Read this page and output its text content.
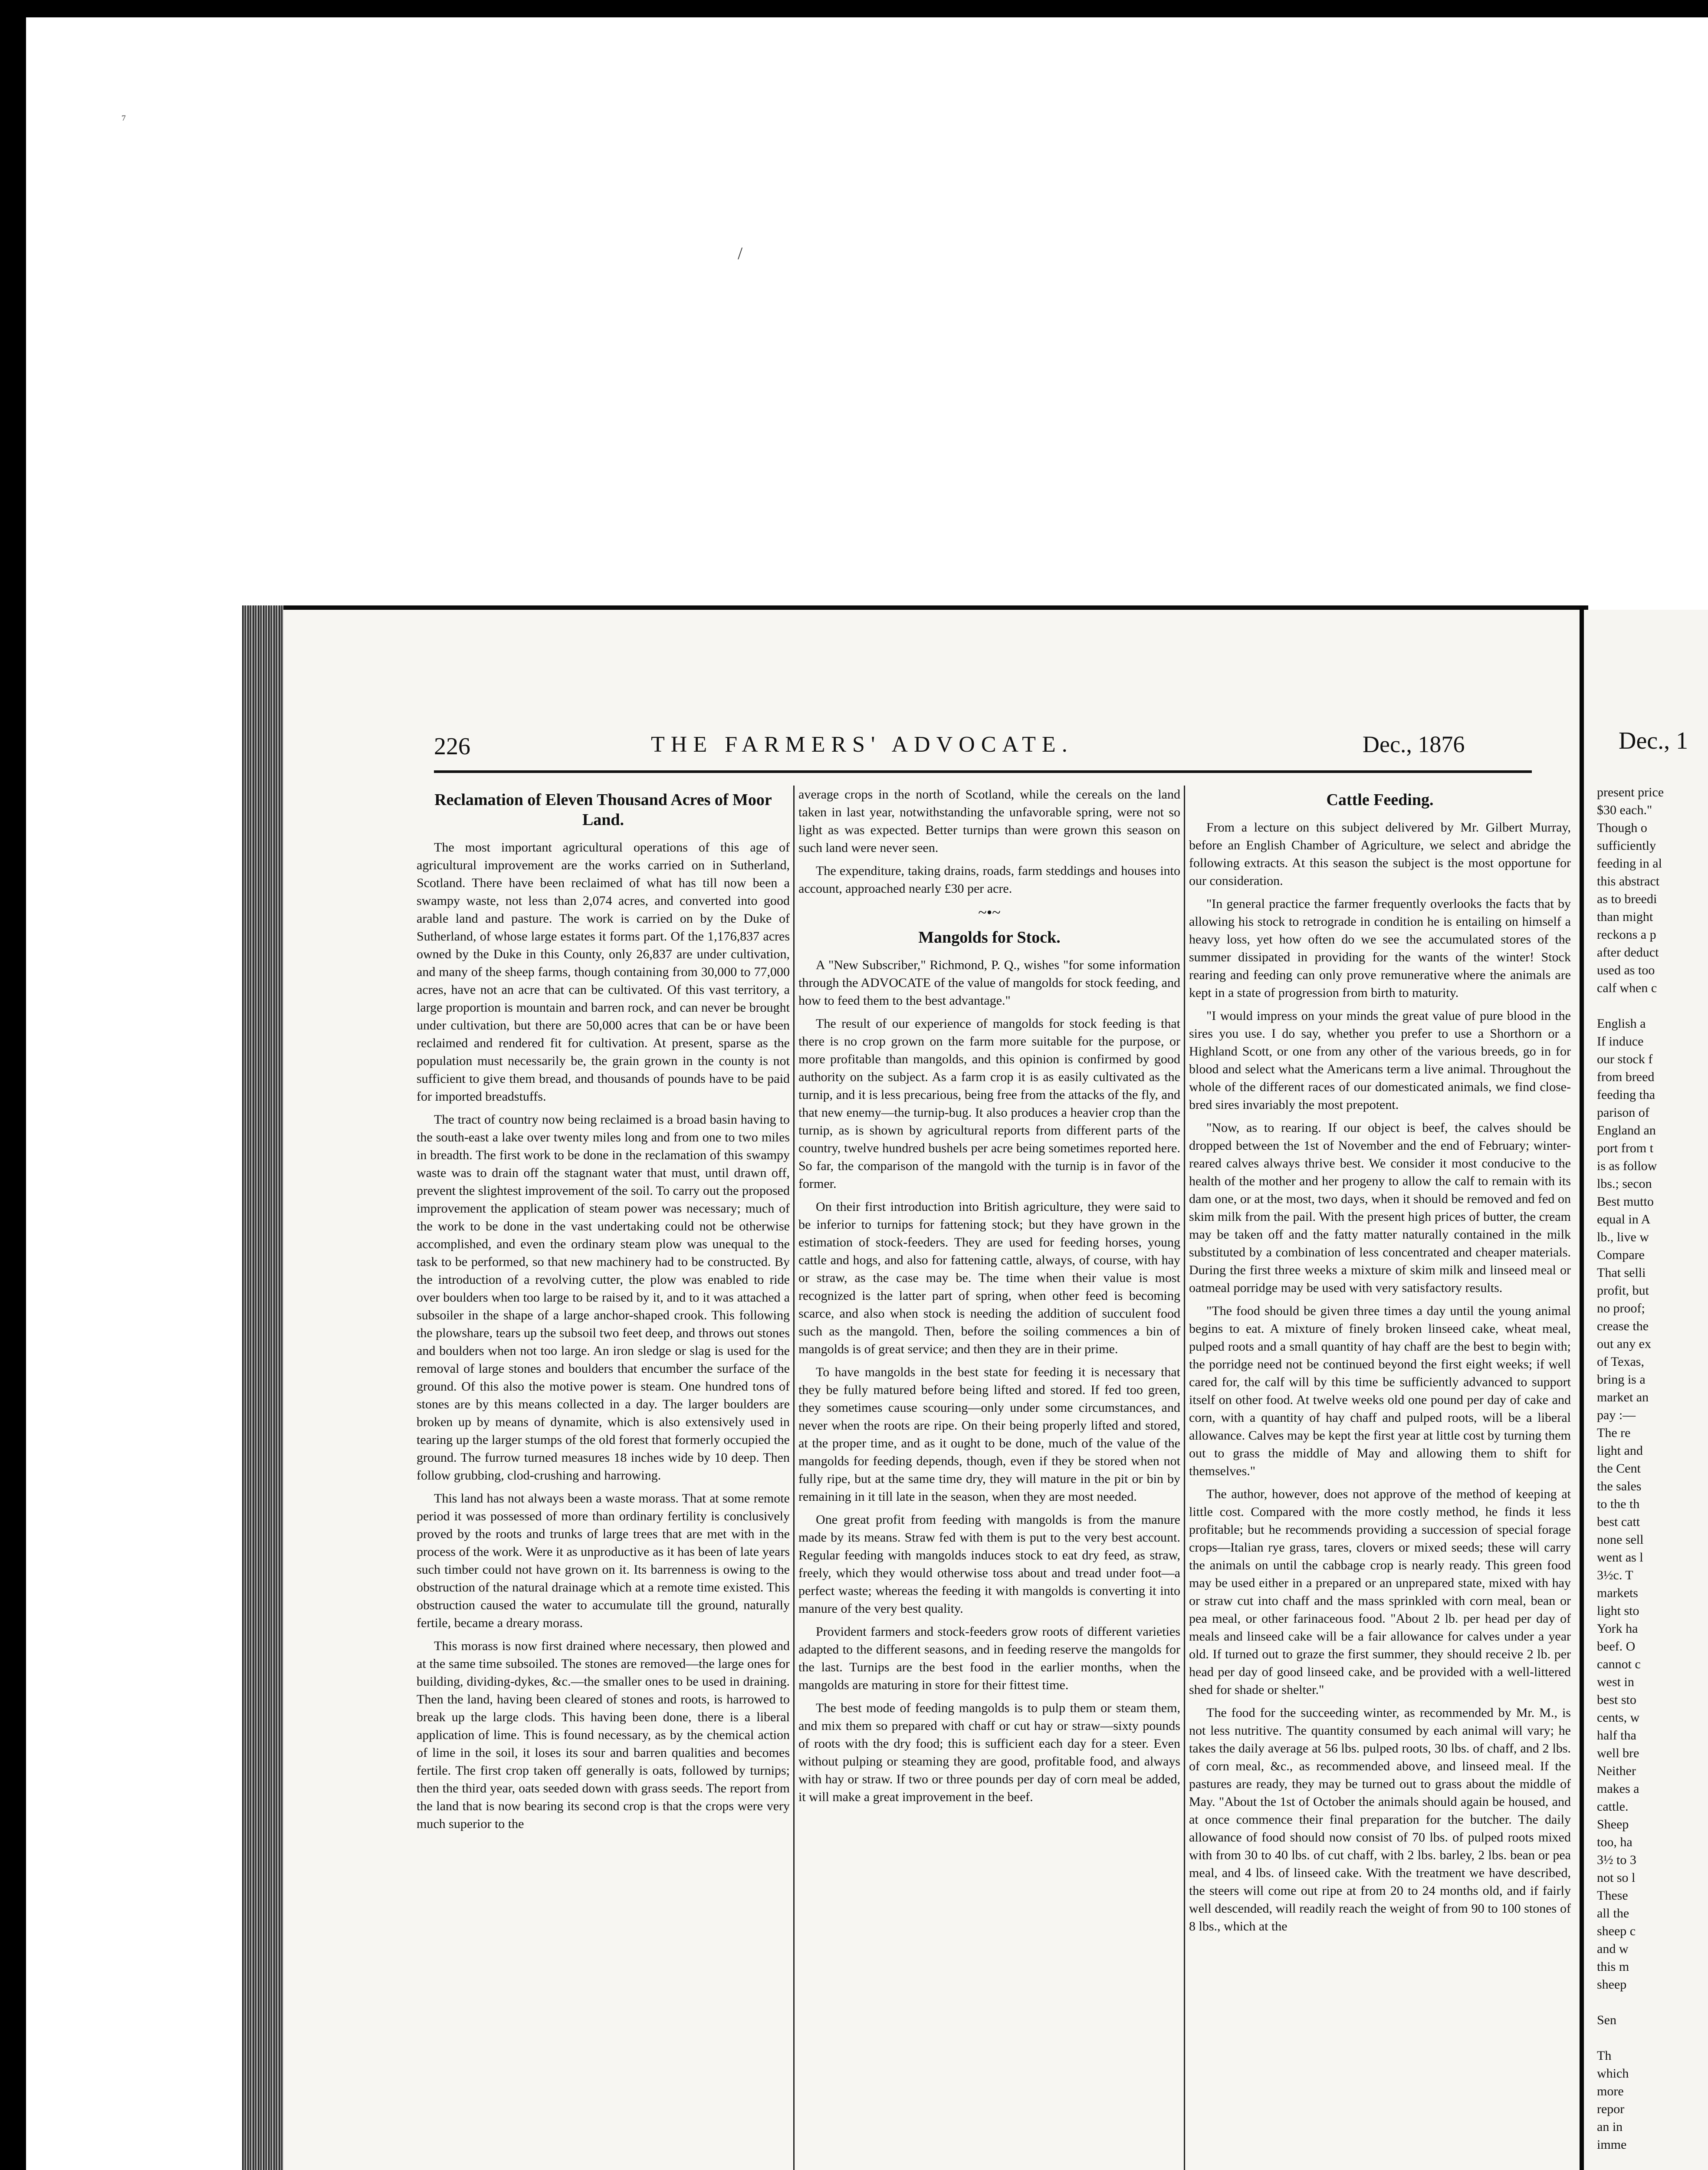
⁷
/
Dec., 1
present price
$30 each."
Though o
sufficiently
feeding in al
this abstract
as to breedi
than might
reckons a p
after deduct
used as too
calf when c

English a
If induce
our stock f
from breed
feeding tha
parison of
England an
port from t
is as follow
lbs.; secon
Best mutto
equal in A
lb., live w
Compare
That selli
profit, but
no proof;
crease the
out any ex
of Texas,
bring is a
market an
pay :—
The re
light and
the Cent
the sales
to the th
best catt
none sell
went as l
3½c. T
markets
light sto
York ha
beef. O
cannot c
west in
best sto
cents, w
half tha
well bre
Neither
makes a
cattle.
Sheep
too, ha
3½ to 3
not so l
These
all the
sheep c
and w
this m
sheep

Sen

Th
which
more
repor
an in
imme
226	THE FARMERS' ADVOCATE.	Dec., 1876
Reclamation of Eleven Thousand Acres of Moor Land.

The most important agricultural operations of this age of agricultural improvement are the works carried on in Sutherland, Scotland. There have been reclaimed of what has till now been a swampy waste, not less than 2,074 acres, and converted into good arable land and pasture. The work is carried on by the Duke of Sutherland, of whose large estates it forms part. Of the 1,176,837 acres owned by the Duke in this County, only 26,837 are under cultivation, and many of the sheep farms, though containing from 30,000 to 77,000 acres, have not an acre that can be cultivated. Of this vast territory, a large proportion is mountain and barren rock, and can never be brought under cultivation, but there are 50,000 acres that can be or have been reclaimed and rendered fit for cultivation. At present, sparse as the population must necessarily be, the grain grown in the county is not sufficient to give them bread, and thousands of pounds have to be paid for imported breadstuffs.

The tract of country now being reclaimed is a broad basin having to the south-east a lake over twenty miles long and from one to two miles in breadth. The first work to be done in the reclamation of this swampy waste was to drain off the stagnant water that must, until drawn off, prevent the slightest improvement of the soil. To carry out the proposed improvement the application of steam power was necessary; much of the work to be done in the vast undertaking could not be otherwise accomplished, and even the ordinary steam plow was unequal to the task to be performed, so that new machinery had to be constructed. By the introduction of a revolving cutter, the plow was enabled to ride over boulders when too large to be raised by it, and to it was attached a subsoiler in the shape of a large anchor-shaped crook. This following the plowshare, tears up the subsoil two feet deep, and throws out stones and boulders when not too large. An iron sledge or slag is used for the removal of large stones and boulders that encumber the surface of the ground. Of this also the motive power is steam. One hundred tons of stones are by this means collected in a day. The larger boulders are broken up by means of dynamite, which is also extensively used in tearing up the larger stumps of the old forest that formerly occupied the ground. The furrow turned measures 18 inches wide by 10 deep. Then follow grubbing, clod-crushing and harrowing.

This land has not always been a waste morass. That at some remote period it was possessed of more than ordinary fertility is conclusively proved by the roots and trunks of large trees that are met with in the process of the work. Were it as unproductive as it has been of late years such timber could not have grown on it. Its barrenness is owing to the obstruction of the natural drainage which at a remote time existed. This obstruction caused the water to accumulate till the ground, naturally fertile, became a dreary morass.

This morass is now first drained where necessary, then plowed and at the same time subsoiled. The stones are removed—the large ones for building, dividing-dykes, &c.—the smaller ones to be used in draining. Then the land, having been cleared of stones and roots, is harrowed to break up the large clods. This having been done, there is a liberal application of lime. This is found necessary, as by the chemical action of lime in the soil, it loses its sour and barren qualities and becomes fertile. The first crop taken off generally is oats, followed by turnips; then the third year, oats seeded down with grass seeds. The report from the land that is now bearing its second crop is that the crops were very much superior to the

average crops in the north of Scotland, while the cereals on the land taken in last year, notwithstanding the unfavorable spring, were not so light as was expected. Better turnips than were grown this season on such land were never seen.

The expenditure, taking drains, roads, farm steddings and houses into account, approached nearly £30 per acre.

~•~
Mangolds for Stock.

A "New Subscriber," Richmond, P. Q., wishes "for some information through the ADVOCATE of the value of mangolds for stock feeding, and how to feed them to the best advantage."

The result of our experience of mangolds for stock feeding is that there is no crop grown on the farm more suitable for the purpose, or more profitable than mangolds, and this opinion is confirmed by good authority on the subject. As a farm crop it is as easily cultivated as the turnip, and it is less precarious, being free from the attacks of the fly, and that new enemy—the turnip-bug. It also produces a heavier crop than the turnip, as is shown by agricultural reports from different parts of the country, twelve hundred bushels per acre being sometimes reported here. So far, the comparison of the mangold with the turnip is in favor of the former.

On their first introduction into British agriculture, they were said to be inferior to turnips for fattening stock; but they have grown in the estimation of stock-feeders. They are used for feeding horses, young cattle and hogs, and also for fattening cattle, always, of course, with hay or straw, as the case may be. The time when their value is most recognized is the latter part of spring, when other feed is becoming scarce, and also when stock is needing the addition of succulent food such as the mangold. Then, before the soiling commences a bin of mangolds is of great service; and then they are in their prime.

To have mangolds in the best state for feeding it is necessary that they be fully matured before being lifted and stored. If fed too green, they sometimes cause scouring—only under some circumstances, and never when the roots are ripe. On their being properly lifted and stored, at the proper time, and as it ought to be done, much of the value of the mangolds for feeding depends, though, even if they be stored when not fully ripe, but at the same time dry, they will mature in the pit or bin by remaining in it till late in the season, when they are most needed.

One great profit from feeding with mangolds is from the manure made by its means. Straw fed with them is put to the very best account. Regular feeding with mangolds induces stock to eat dry feed, as straw, freely, which they would otherwise toss about and tread under foot—a perfect waste; whereas the feeding it with mangolds is converting it into manure of the very best quality.

Provident farmers and stock-feeders grow roots of different varieties adapted to the different seasons, and in feeding reserve the mangolds for the last. Turnips are the best food in the earlier months, when the mangolds are maturing in store for their fittest time.

The best mode of feeding mangolds is to pulp them or steam them, and mix them so prepared with chaff or cut hay or straw—sixty pounds of roots with the dry food; this is sufficient each day for a steer. Even without pulping or steaming they are good, profitable food, and always with hay or straw. If two or three pounds per day of corn meal be added, it will make a great improvement in the beef.

Cattle Feeding.

From a lecture on this subject delivered by Mr. Gilbert Murray, before an English Chamber of Agriculture, we select and abridge the following extracts. At this season the subject is the most opportune for our consideration.

"In general practice the farmer frequently overlooks the facts that by allowing his stock to retrograde in condition he is entailing on himself a heavy loss, yet how often do we see the accumulated stores of the summer dissipated in providing for the wants of the winter! Stock rearing and feeding can only prove remunerative where the animals are kept in a state of progression from birth to maturity.

"I would impress on your minds the great value of pure blood in the sires you use. I do say, whether you prefer to use a Shorthorn or a Highland Scott, or one from any other of the various breeds, go in for blood and select what the Americans term a live animal. Throughout the whole of the different races of our domesticated animals, we find close-bred sires invariably the most prepotent.

"Now, as to rearing. If our object is beef, the calves should be dropped between the 1st of November and the end of February; winter-reared calves always thrive best. We consider it most conducive to the health of the mother and her progeny to allow the calf to remain with its dam one, or at the most, two days, when it should be removed and fed on skim milk from the pail. With the present high prices of butter, the cream may be taken off and the fatty matter naturally contained in the milk substituted by a combination of less concentrated and cheaper materials. During the first three weeks a mixture of skim milk and linseed meal or oatmeal porridge may be used with very satisfactory results.

"The food should be given three times a day until the young animal begins to eat. A mixture of finely broken linseed cake, wheat meal, pulped roots and a small quantity of hay chaff are the best to begin with; the porridge need not be continued beyond the first eight weeks; if well cared for, the calf will by this time be sufficiently advanced to support itself on other food. At twelve weeks old one pound per day of cake and corn, with a quantity of hay chaff and pulped roots, will be a liberal allowance. Calves may be kept the first year at little cost by turning them out to grass the middle of May and allowing them to shift for themselves."

The author, however, does not approve of the method of keeping at little cost. Compared with the more costly method, he finds it less profitable; but he recommends providing a succession of special forage crops—Italian rye grass, tares, clovers or mixed seeds; these will carry the animals on until the cabbage crop is nearly ready. This green food may be used either in a prepared or an unprepared state, mixed with hay or straw cut into chaff and the mass sprinkled with corn meal, bean or pea meal, or other farinaceous food. "About 2 lb. per head per day of meals and linseed cake will be a fair allowance for calves under a year old. If turned out to graze the first summer, they should receive 2 lb. per head per day of good linseed cake, and be provided with a well-littered shed for shade or shelter."

The food for the succeeding winter, as recommended by Mr. M., is not less nutritive. The quantity consumed by each animal will vary; he takes the daily average at 56 lbs. pulped roots, 30 lbs. of chaff, and 2 lbs. of corn meal, &c., as recommended above, and linseed meal. If the pastures are ready, they may be turned out to grass about the middle of May. "About the 1st of October the animals should again be housed, and at once commence their final preparation for the butcher. The daily allowance of food should now consist of 70 lbs. of pulped roots mixed with from 30 to 40 lbs. of cut chaff, with 2 lbs. barley, 2 lbs. bean or pea meal, and 4 lbs. of linseed cake. With the treatment we have described, the steers will come out ripe at from 20 to 24 months old, and if fairly well descended, will readily reach the weight of from 90 to 100 stones of 8 lbs., which at the
